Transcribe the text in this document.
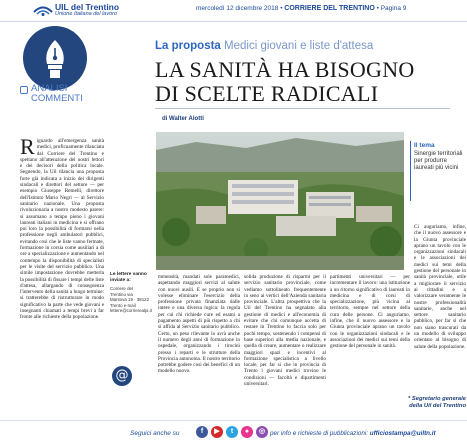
UIL del Trentino
Unione Italiana del lavoro
mercoledì 12 dicembre 2018 • CORRIERE DEL TRENTINO • Pagina 9
ANALISI
COMMENTI
R iguardo all'emergenza sanità medici, proficuamente rilanciata dal Corriere del Trentino e spettano all'attenzione dei nostri lettori e dei decisori della politica locale. Seguendo, la Uil rilancia una proposta forte già indicata a inizio dei dirigenti sindacali e direttori del settore — per esempio Giuseppe Remelli, direttore dell'Istituto Mario Negri — al Servizio sanitario nazionale. Una proposta rivoluzionaria a nostro modesto parere: si assumano a tempo pieno i giovani laureati italiani in medicina e si offrano poi loro la possibilità di formarsi nella professione negli ambulatori pubblici, evitando così che le liste vanno fermate, formazione in corsia come ausiliari a di ore a specializzazione e aumentando nel contempo la disponibilità di specialisti per le visite del servizio pubblico. Una simile impostazione dovrebbe metterla la possibilità di fissare i tempi delle liste d'attesa, allargando di conseguenza l'intervento della sanità a lungo termine: si tratterebbe di ristrutturare in modo significativo la parte che vede giovani e insegnanti chiamati a tempi brevi a far fronte alle richieste della popolazione.
La proposta Medici giovani e liste d'attesa
LA SANITÀ HA BISOGNO
DI SCELTE RADICALI
di Walter Alotti
Il tema
Sinergie territoriali per produrre laureati più vicini
Le lettere vanno inviate a:
Corriere del Trentino via Mantova 19 · 38122 Trento e-mail lettere@corrierealpi.it
@
mmensità, mandati sole paramedici, aspettando maggiori servizi al salute con nuovi ausili. E se proprio non si volesse eliminare l'esercizio della professione privata finanziata dalle intere e una diversa logica: la regola per cui chi richiede cure ed esami a pagamento aspetti di più rispetto a chi si affida al Servizio sanitario pubblico. Certo, un peso rilevante lo avrà anche il numero degli anni di formazione in ospedale, organizzando i tirocini presso i reparti e le strutture della Provincia autonoma. Il nostro territorio potrebbe godere così dei benefici di un modello nuovo.
solida produzione di risparmi per il servizio sanitario provinciale, come vediamo sottolineato frequentemente in seno ai vertici dell'Azienda sanitaria provinciale. L'altra prospettiva che la Uil del Trentino ha segnalato alla gestione di medici e all'economia di evitare che chi comunque accetta di restare in Trentino lo faccia solo per pochi tempo, sostenendo i compensi di base superiori alla media nazionale, e quella di creare, aumentare o realizzare maggiori spazi e incentivi al formazione specialistica a livello locale, per far sì che in provincia di Trento i giovani medici trovino le condizioni — facoltà e dipartimenti universitari.
partimenti universitari — per incrementare il lavoro: una istituzione a un ritorno significativo di laureati in medicina e di corsi di specializzazione, più vicina al territorio, sempre nel settore della cura delle persone. Ci auguriamo, infine, che il nuovo assessore e la Giunta provinciale aprano un tavolo con le organizzazioni sindacali e le associazioni dei medici sui temi della gestione del personale in sanità.
Ci auguriamo, infine, che il nuovo assessore e la Giunta provinciale aprano un tavolo con le organizzazioni sindacali e le associazioni dei medici sui temi della gestione del personale in sanità provinciale, utile a migliorare il servizio ai cittadini e a valorizzare veramente le nostre professionalità sanitarie, anche nel settore sanitario pubblico, per far sì che non siano trascurati da un modello di sviluppo orientato al bisogno di salute della popolazione.
* Segretario generale
della Uil del Trentino
Seguici anche su	f	▶	t	●	◎ per info e richieste di pubblicazioni: ufficiostampa@uiltn.it
